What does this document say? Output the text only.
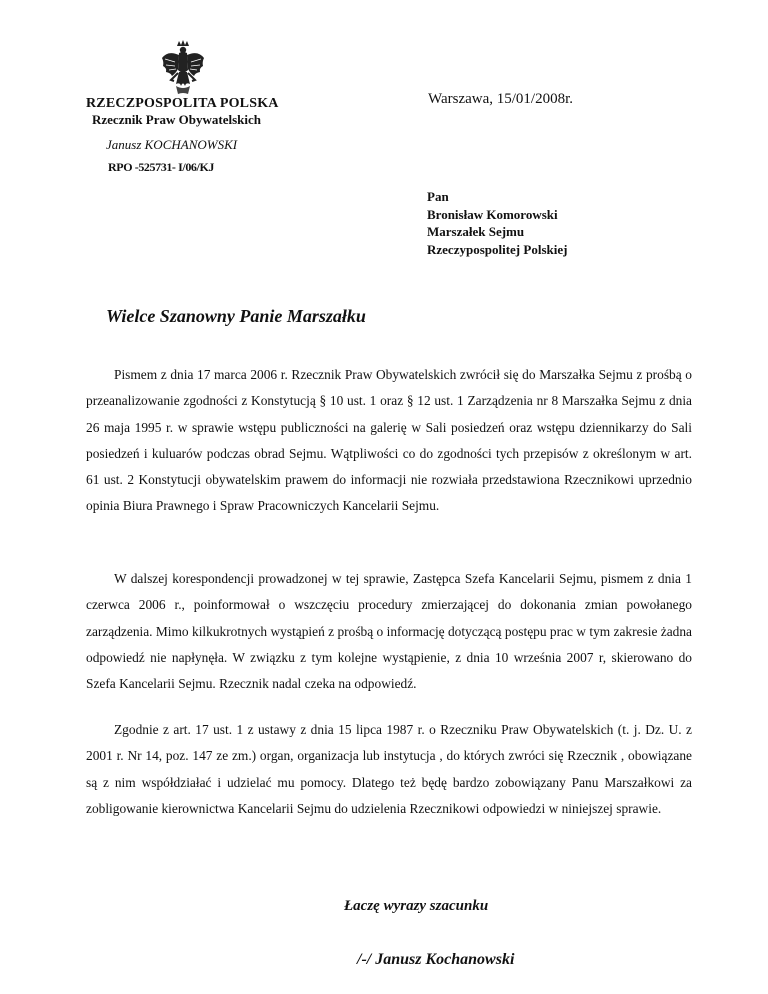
RZECZPOSPOLITA POLSKA
Rzecznik Praw Obywatelskich
Janusz KOCHANOWSKI
RPO -525731- I/06/KJ
Warszawa, 15/01/2008r.
Pan
Bronisław Komorowski
Marszałek Sejmu
Rzeczypospolitej Polskiej
Wielce Szanowny Panie Marszałku

Pismem z dnia 17 marca 2006 r. Rzecznik Praw Obywatelskich zwrócił się do Marszałka Sejmu z prośbą o przeanalizowanie zgodności z Konstytucją § 10 ust. 1 oraz § 12 ust. 1 Zarządzenia nr 8 Marszałka Sejmu z dnia 26 maja 1995 r. w sprawie wstępu publiczności na galerię w Sali posiedzeń oraz wstępu dziennikarzy do Sali posiedzeń i kuluarów podczas obrad Sejmu. Wątpliwości co do zgodności tych przepisów z określonym w art. 61 ust. 2 Konstytucji obywatelskim prawem do informacji nie rozwiała przedstawiona Rzecznikowi uprzednio opinia Biura Prawnego i Spraw Pracowniczych Kancelarii Sejmu.

W dalszej korespondencji prowadzonej w tej sprawie, Zastępca Szefa Kancelarii Sejmu, pismem z dnia 1 czerwca 2006 r., poinformował o wszczęciu procedury zmierzającej do dokonania zmian powołanego zarządzenia. Mimo kilkukrotnych wystąpień z prośbą o informację dotyczącą postępu prac w tym zakresie żadna odpowiedź nie napłynęła. W związku z tym kolejne wystąpienie, z dnia 10 września 2007 r, skierowano do Szefa Kancelarii Sejmu. Rzecznik nadal czeka na odpowiedź.

Zgodnie z art. 17 ust. 1 z ustawy z dnia 15 lipca 1987 r. o Rzeczniku Praw Obywatelskich (t. j. Dz. U. z 2001 r. Nr 14, poz. 147 ze zm.) organ, organizacja lub instytucja , do których zwróci się Rzecznik , obowiązane są z nim współdziałać i udzielać mu pomocy. Dlatego też będę bardzo zobowiązany Panu Marszałkowi za zobligowanie kierownictwa Kancelarii Sejmu do udzielenia Rzecznikowi odpowiedzi w niniejszej sprawie.

Łaczę wyrazy szacunku
/-/ Janusz Kochanowski
